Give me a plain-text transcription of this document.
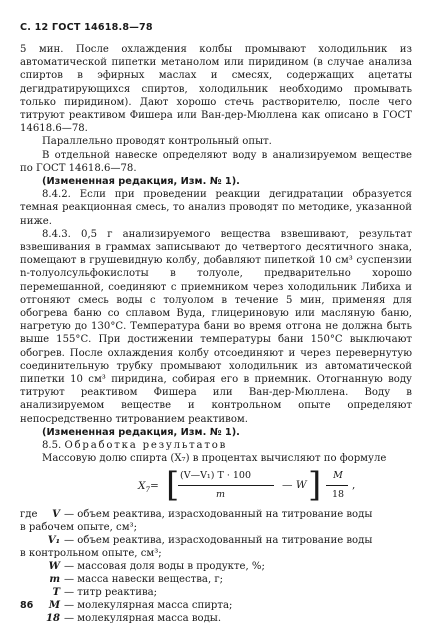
С. 12 ГОСТ 14618.8—78

5 мин. После охлаждения колбы промывают холодильник из автоматической пипетки метанолом или пиридином (в случае анализа спиртов в эфирных маслах и смесях, содержащих ацетаты дегидратирующихся спиртов, холодильник необходимо промывать только пиридином). Дают хорошо стечь растворителю, после чего титруют реактивом Фишера или Ван-дер-Мюллена как описано в ГОСТ 14618.6—78.

Параллельно проводят контрольный опыт.

В отдельной навеске определяют воду в анализируемом веществе по ГОСТ 14618.6—78.

(Измененная редакция, Изм. № 1).

8.4.2. Если при проведении реакции дегидратации образуется темная реакционная смесь, то анализ проводят по методике, указанной ниже.

8.4.3. 0,5 г анализируемого вещества взвешивают, результат взвешивания в граммах записывают до четвертого десятичного знака, помещают в грушевидную колбу, добавляют пипеткой 10 см³ суспензии n-толуолсульфокислоты в толуоле, предварительно хорошо перемешанной, соединяют с приемником через холодильник Либиха и отгоняют смесь воды с толуолом в течение 5 мин, применяя для обогрева баню со сплавом Вуда, глицериновую или масляную баню, нагретую до 130°С. Температура бани во время отгона не должна быть выше 155°С. При достижении температуры бани 150°С выключают обогрев. После охлаждения колбу отсоединяют и через перевернутую соединительную трубку промывают холодильник из автоматической пипетки 10 см³ пиридина, собирая его в приемник. Отогнанную воду титруют реактивом Фишера или Ван-дер-Мюллена. Воду в анализируемом веществе и контрольном опыте определяют непосредственно титрованием реактивом.

(Измененная редакция, Изм. № 1).

8.5. Обработка результатов

Массовую долю спирта (X₇) в процентах вычисляют по формуле

$X_7=$ [ (V—V₁) T · 100
m
— W ]	M
18
,
где	V — объем реактива, израсходованный на титрование воды
в рабочем опыте, см³;
V₁ — объем реактива, израсходованный на титрование воды
в контрольном опыте, см³;
W — массовая доля воды в продукте, %;
m — масса навески вещества, г;
T — титр реактива;
M — молекулярная масса спирта;
18 — молекулярная масса воды.
86
